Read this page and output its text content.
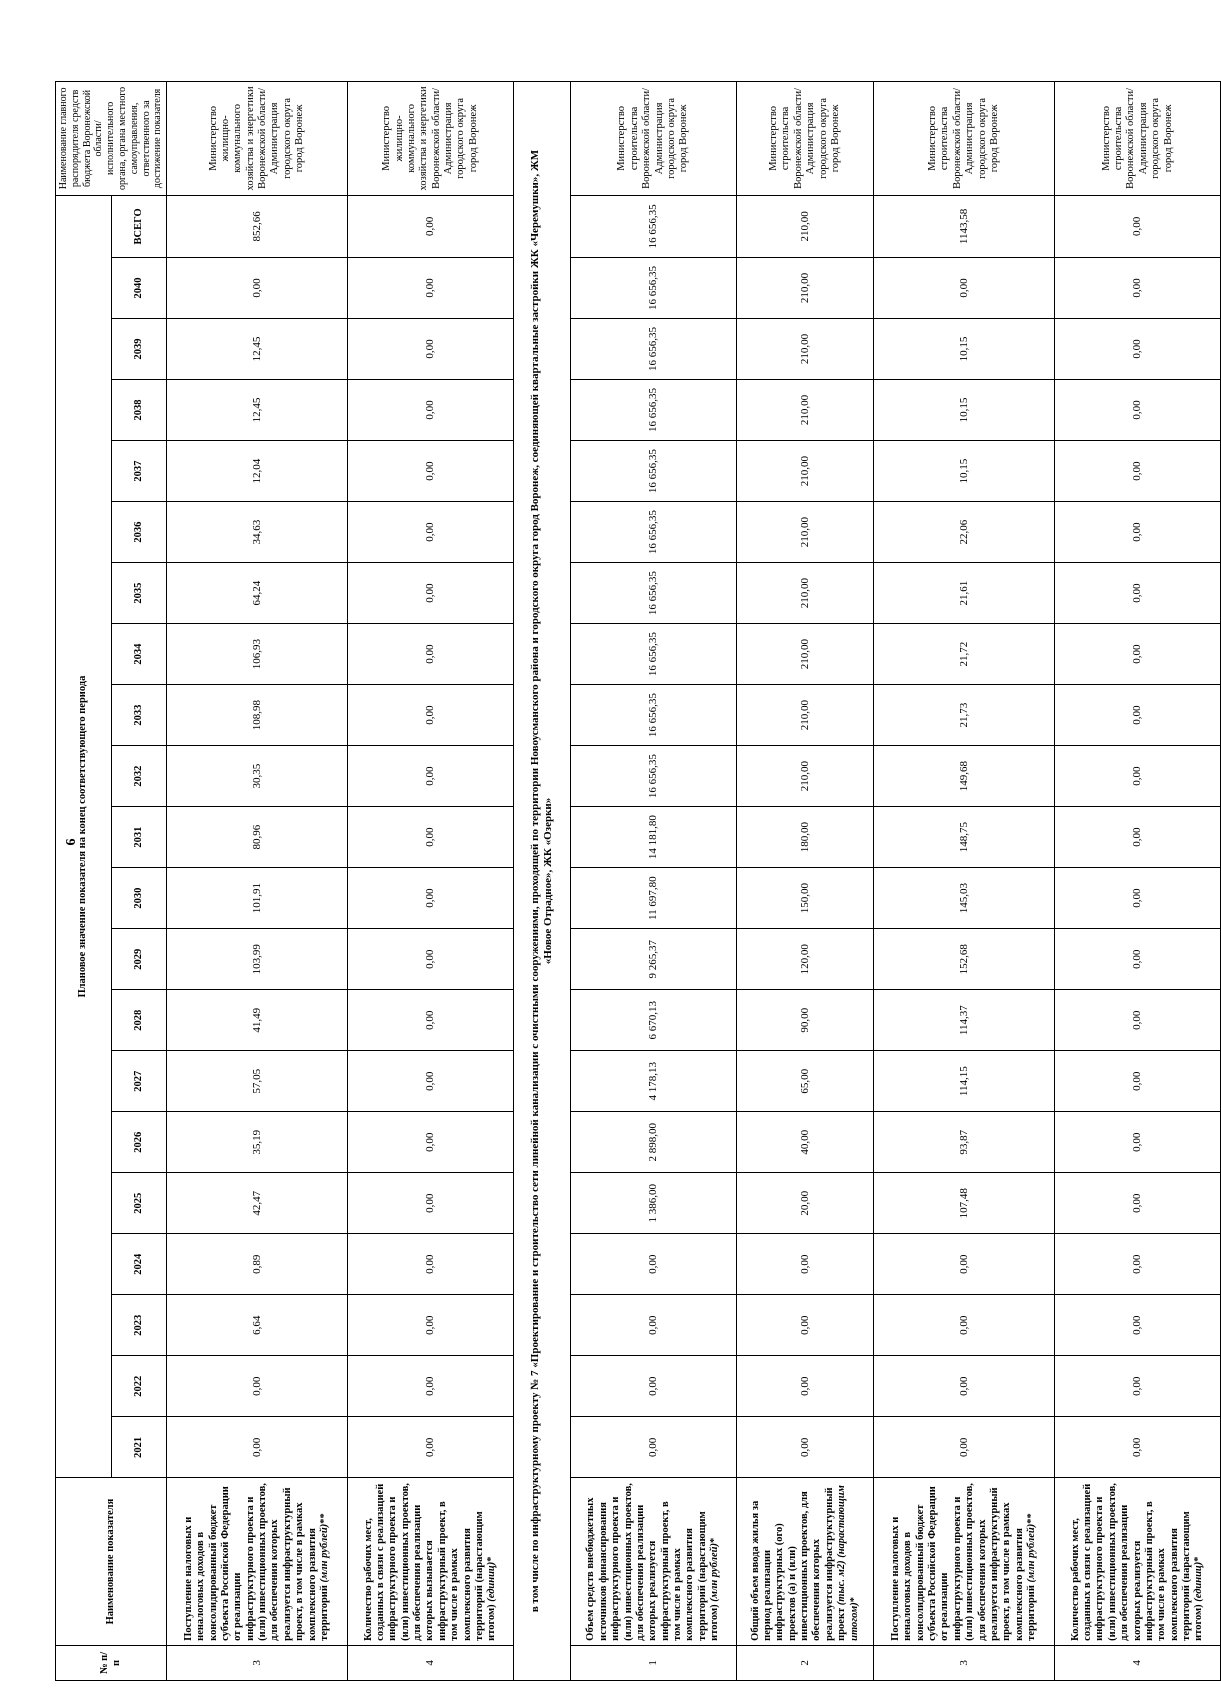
6
№ п/п	Наименование показателя	Плановое значение показателя на конец соответствующего периода																					Наименование главного распорядителя средств бюджета Воронежской области/исполнительного органа, органа местного самоуправления, ответственного за достижение показателя
		2021	2022	2023	2024	2025	2026	2027	2028	2029	2030	2031	2032	2033	2034	2035	2036	2037	2038	2039	2040	ВСЕГО	
3	Поступление налоговых и неналоговых доходов в консолидированный бюджет субъекта Российской Федерации от реализации инфраструктурного проекта и (или) инвестиционных проектов, для обеспечения которых реализуется инфраструктурный проект, в том числе в рамках комплексного развития территорий (млн рублей)**	0,00	0,00	6,64	0,89	42,47	35,19	57,05	41,49	103,99	101,91	80,96	30,35	108,98	106,93	64,24	34,63	12,04	12,45	12,45	0,00	852,66	Министерство жилищно-коммунального хозяйства и энергетики Воронежской области/ Администрация городского округа город Воронеж
4	Количество рабочих мест, созданных в связи с реализацией инфраструктурного проекта и (или) инвестиционных проектов, для обеспечения реализации которых вызывается инфраструктурный проект, в том числе в рамках комплексного развития территорий (нарастающим итогом) (единиц)*	0,00	0,00	0,00	0,00	0,00	0,00	0,00	0,00	0,00	0,00	0,00	0,00	0,00	0,00	0,00	0,00	0,00	0,00	0,00	0,00	0,00	Министерство жилищно-коммунального хозяйства и энергетики Воронежской области/ Администрация городского округа город Воронеж
в том числе по инфраструктурному проекту № 7 «Проектирование и строительство сети линейной канализации с очистными сооружениями, проходящей по территории Новоусманского района и городского округа город Воронеж, соединяющей квартальные застройки ЖК «Черемушки», ЖМ «Новое Отрадное», ЖК «Озерки»																							
1	Объем средств внебюджетных источников финансирования инфраструктурного проекта и (или) инвестиционных проектов, для обеспечения реализации которых реализуется инфраструктурный проект, в том числе в рамках комплексного развития территорий (нарастающим итогом) (млн рублей)*	0,00	0,00	0,00	0,00	1 386,00	2 898,00	4 178,13	6 670,13	9 265,37	11 697,80	14 181,80	16 656,35	16 656,35	16 656,35	16 656,35	16 656,35	16 656,35	16 656,35	16 656,35	16 656,35	16 656,35	Министерство строительства Воронежской области/ Администрация городского округа город Воронеж
2	Общий объем ввода жилья за период реализации инфраструктурных (ого) проектов (а) и (или) инвестиционных проектов, для обеспечения которых реализуется инфраструктурный проект (тыс. м2) (нарастающим итогом)*	0,00	0,00	0,00	0,00	20,00	40,00	65,00	90,00	120,00	150,00	180,00	210,00	210,00	210,00	210,00	210,00	210,00	210,00	210,00	210,00	210,00	Министерство строительства Воронежской области/ Администрация городского округа город Воронеж
3	Поступление налоговых и неналоговых доходов в консолидированный бюджет субъекта Российской Федерации от реализации инфраструктурного проекта и (или) инвестиционных проектов, для обеспечения которых реализуется инфраструктурный проект, в том числе в рамках комплексного развития территорий (млн рублей)**	0,00	0,00	0,00	0,00	107,48	93,87	114,15	114,37	152,68	145,03	148,75	149,68	21,73	21,72	21,61	22,06	10,15	10,15	10,15	0,00	1143,58	Министерство строительства Воронежской области/ Администрация городского округа город Воронеж
4	Количество рабочих мест, созданных в связи с реализацией инфраструктурного проекта и (или) инвестиционных проектов, для обеспечения реализации которых реализуется инфраструктурный проект, в том числе в рамках комплексного развития территорий (нарастающим итогом) (единиц)*	0,00	0,00	0,00	0,00	0,00	0,00	0,00	0,00	0,00	0,00	0,00	0,00	0,00	0,00	0,00	0,00	0,00	0,00	0,00	0,00	0,00	Министерство строительства Воронежской области/ Администрация городского округа город Воронеж
